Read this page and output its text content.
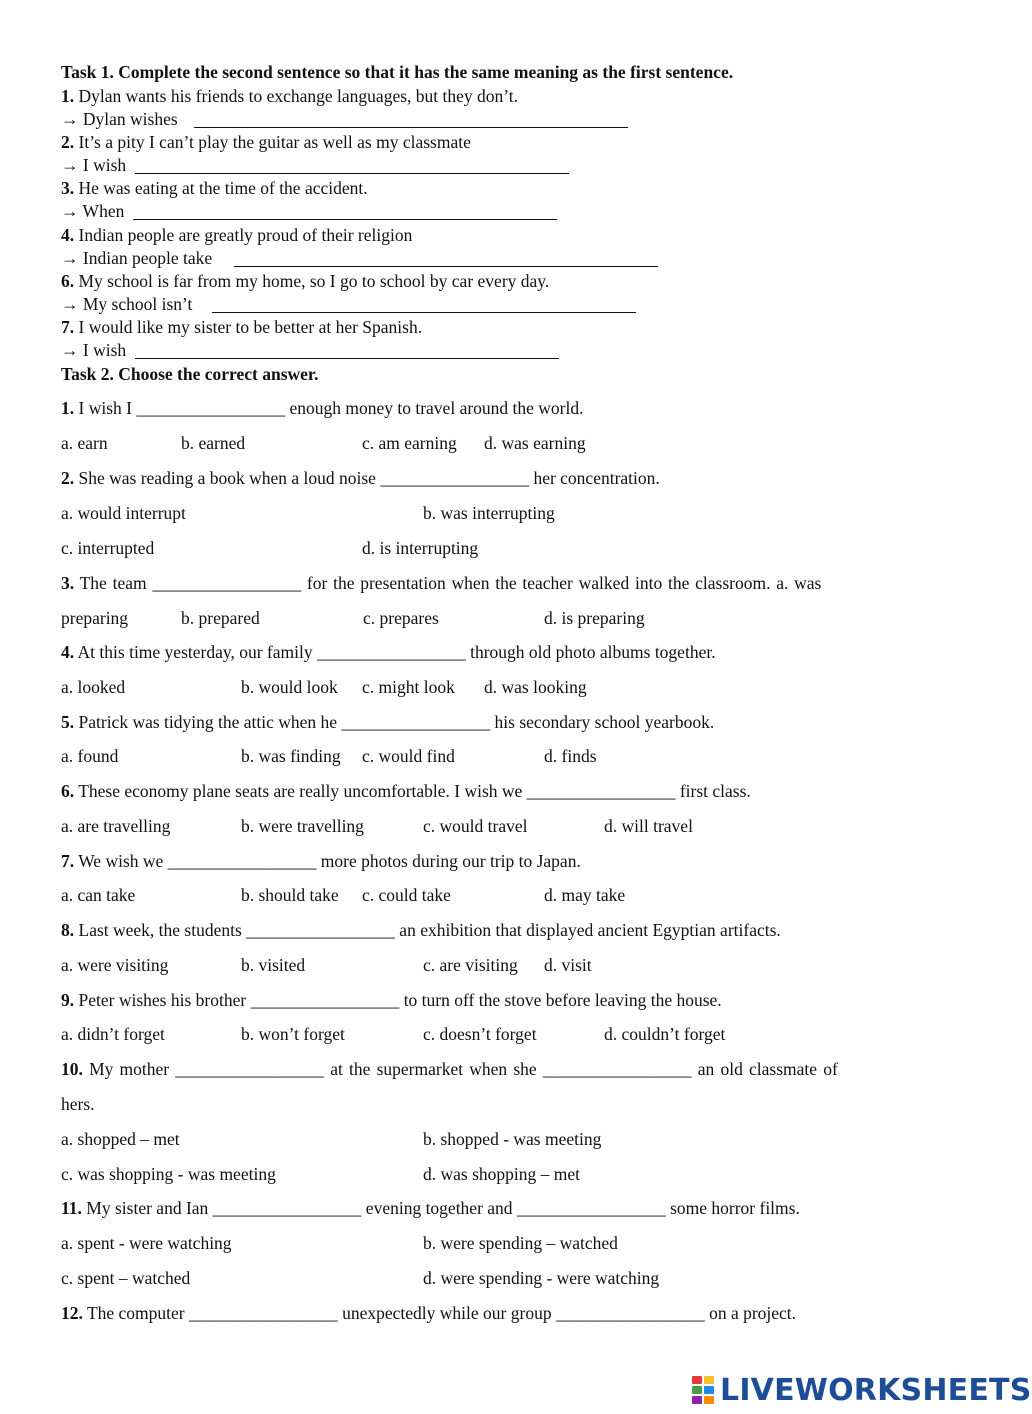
Task 1. Complete the second sentence so that it has the same meaning as the first sentence.
1. Dylan wants his friends to exchange languages, but they don’t.
→ Dylan wishes
2. It’s a pity I can’t play the guitar as well as my classmate
→ I wish
3. He was eating at the time of the accident.
→ When
4. Indian people are greatly proud of their religion
→ Indian people take
6. My school is far from my home, so I go to school by car every day.
→ My school isn’t
7. I would like my sister to be better at her Spanish.
→ I wish
Task 2. Choose the correct answer.
1. I wish I _________________ enough money to travel around the world.
a. earn	b. earned	c. am earning d. was earning
2. She was reading a book when a loud noise _________________ her concentration.
a. would interrupt	b. was interrupting
c. interrupted	d. is interrupting
3. The team _________________ for the presentation when the teacher walked into the classroom. a. was
preparing	b. prepared	c. prepares	d. is preparing
4. At this time yesterday, our family _________________ through old photo albums together.
a. looked	b. would look c. might look d. was looking
5. Patrick was tidying the attic when he _________________ his secondary school yearbook.
a. found	b. was finding c. would find	d. finds
6. These economy plane seats are really uncomfortable. I wish we _________________ first class.
a. are travelling	b. were travelling	c. would travel	d. will travel
7. We wish we _________________ more photos during our trip to Japan.
a. can take	b. should take c. could take	d. may take
8. Last week, the students _________________ an exhibition that displayed ancient Egyptian artifacts.
a. were visiting	b. visited	c. are visiting d. visit
9. Peter wishes his brother _________________ to turn off the stove before leaving the house.
a. didn’t forget	b. won’t forget	c. doesn’t forget	d. couldn’t forget
10. My mother _________________ at the supermarket when she _________________ an old classmate of
hers.
a. shopped – met	b. shopped - was meeting
c. was shopping - was meeting	d. was shopping – met
11. My sister and Ian _________________ evening together and _________________ some horror films.
a. spent - were watching	b. were spending – watched
c. spent – watched	d. were spending - were watching
12. The computer _________________ unexpectedly while our group _________________ on a project.
LIVEWORKSHEETS
